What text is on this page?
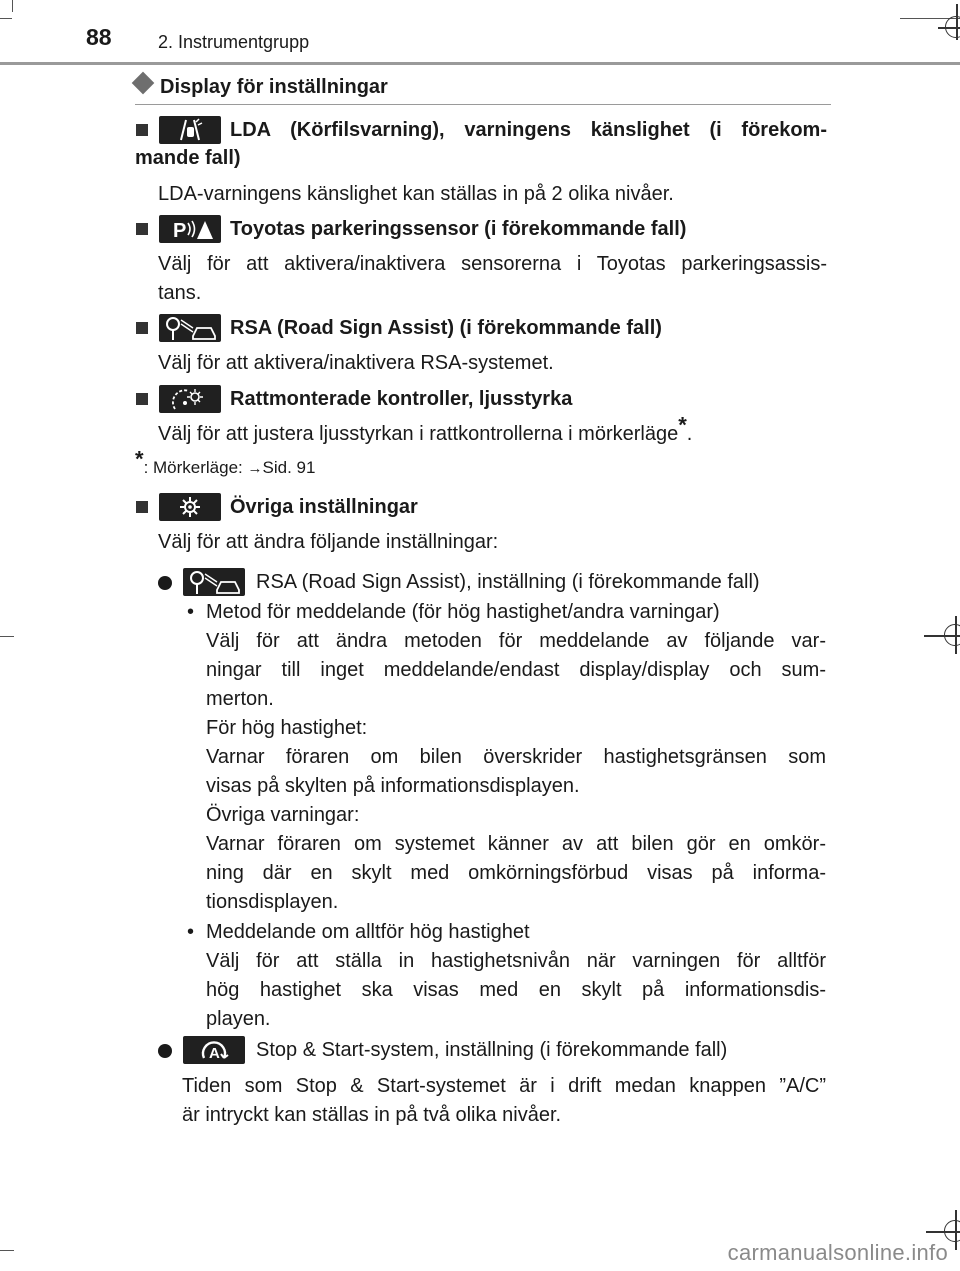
88	2. Instrumentgrupp
Display för inställningar
LDA (Körfilsvarning), varningens känslighet (i förekom-
mande fall)
LDA-varningens känslighet kan ställas in på 2 olika nivåer.
P Toyotas parkeringssensor (i förekommande fall)
Välj för att aktivera/inaktivera sensorerna i Toyotas parkeringsassis-
tans.
RSA (Road Sign Assist) (i förekommande fall)
Välj för att aktivera/inaktivera RSA-systemet.
Rattmonterade kontroller, ljusstyrka
Välj för att justera ljusstyrkan i rattkontrollerna i mörkerläge*.
*: Mörkerläge: →Sid. 91
Övriga inställningar
Välj för att ändra följande inställningar:
RSA (Road Sign Assist), inställning (i förekommande fall)
• Metod för meddelande (för hög hastighet/andra varningar)
Välj för att ändra metoden för meddelande av följande var-
ningar till inget meddelande/endast display/display och sum-
merton.
För hög hastighet:
Varnar föraren om bilen överskrider hastighetsgränsen som
visas på skylten på informationsdisplayen.
Övriga varningar:
Varnar föraren om systemet känner av att bilen gör en omkör-
ning där en skylt med omkörningsförbud visas på informa-
tionsdisplayen.
• Meddelande om alltför hög hastighet
Välj för att ställa in hastighetsnivån när varningen för alltför
hög hastighet ska visas med en skylt på informationsdis-
playen.
A Stop & Start-system, inställning (i förekommande fall)
Tiden som Stop & Start-systemet är i drift medan knappen ”A/C”
är intryckt kan ställas in på två olika nivåer.
carmanualsonline.info
